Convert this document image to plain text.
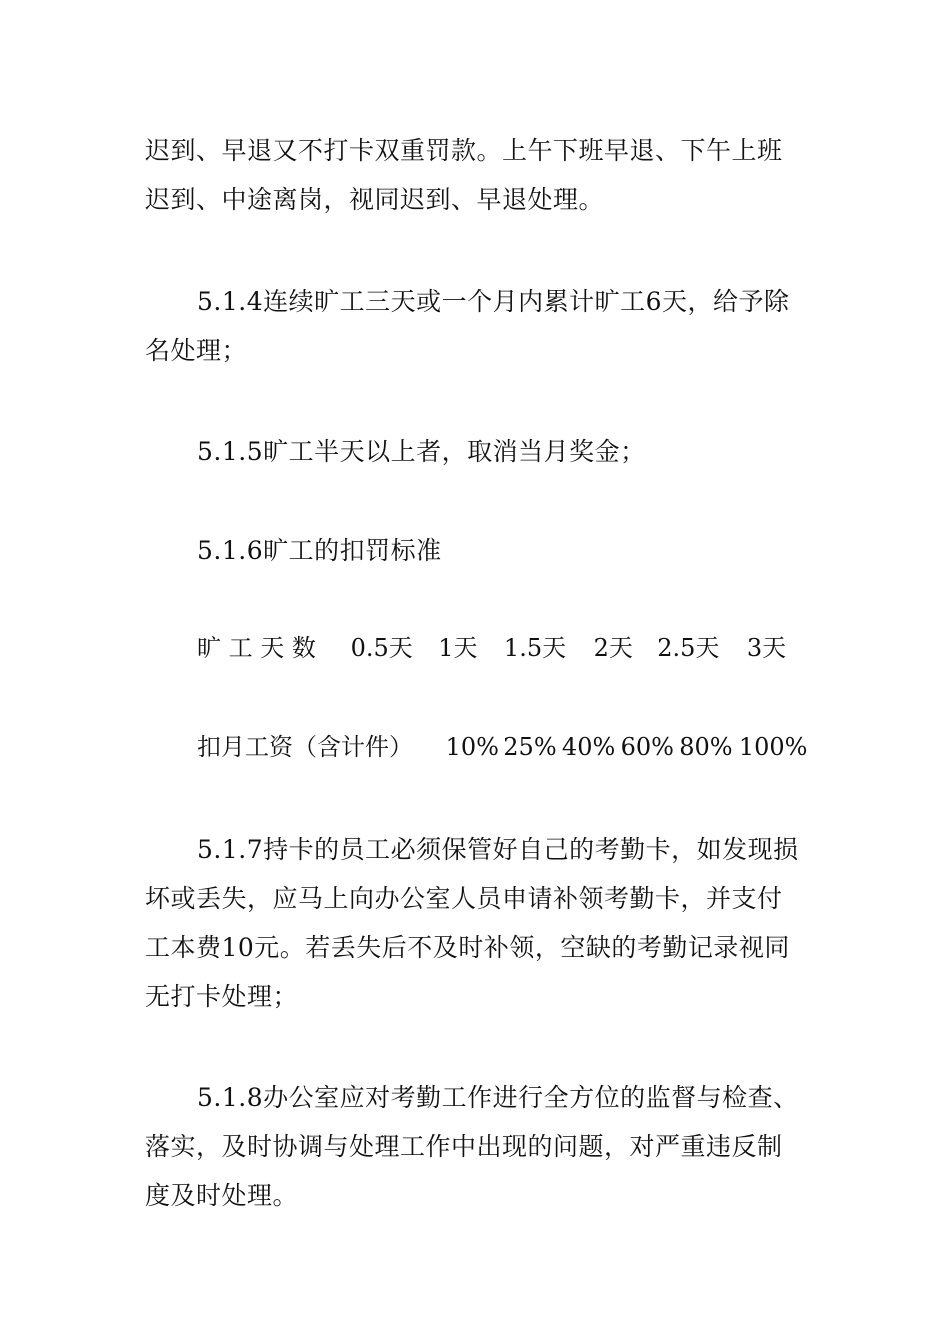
迟到、早退又不打卡双重罚款。上午下班早退、下午上班
迟到、中途离岗，视同迟到、早退处理。
5.1.4连续旷工三天或一个月内累计旷工6天，给予除
名处理；
5.1.5旷工半天以上者，取消当月奖金；
5.1.6旷工的扣罚标准
旷 工 天 数 0.5天 1天 1.5天 2天 2.5天 3天
扣月工资（含计件） 10% 25% 40% 60% 80% 100%
5.1.7持卡的员工必须保管好自己的考勤卡，如发现损
坏或丢失，应马上向办公室人员申请补领考勤卡，并支付
工本费10元。若丢失后不及时补领，空缺的考勤记录视同
无打卡处理；
5.1.8办公室应对考勤工作进行全方位的监督与检查、
落实，及时协调与处理工作中出现的问题，对严重违反制
度及时处理。
